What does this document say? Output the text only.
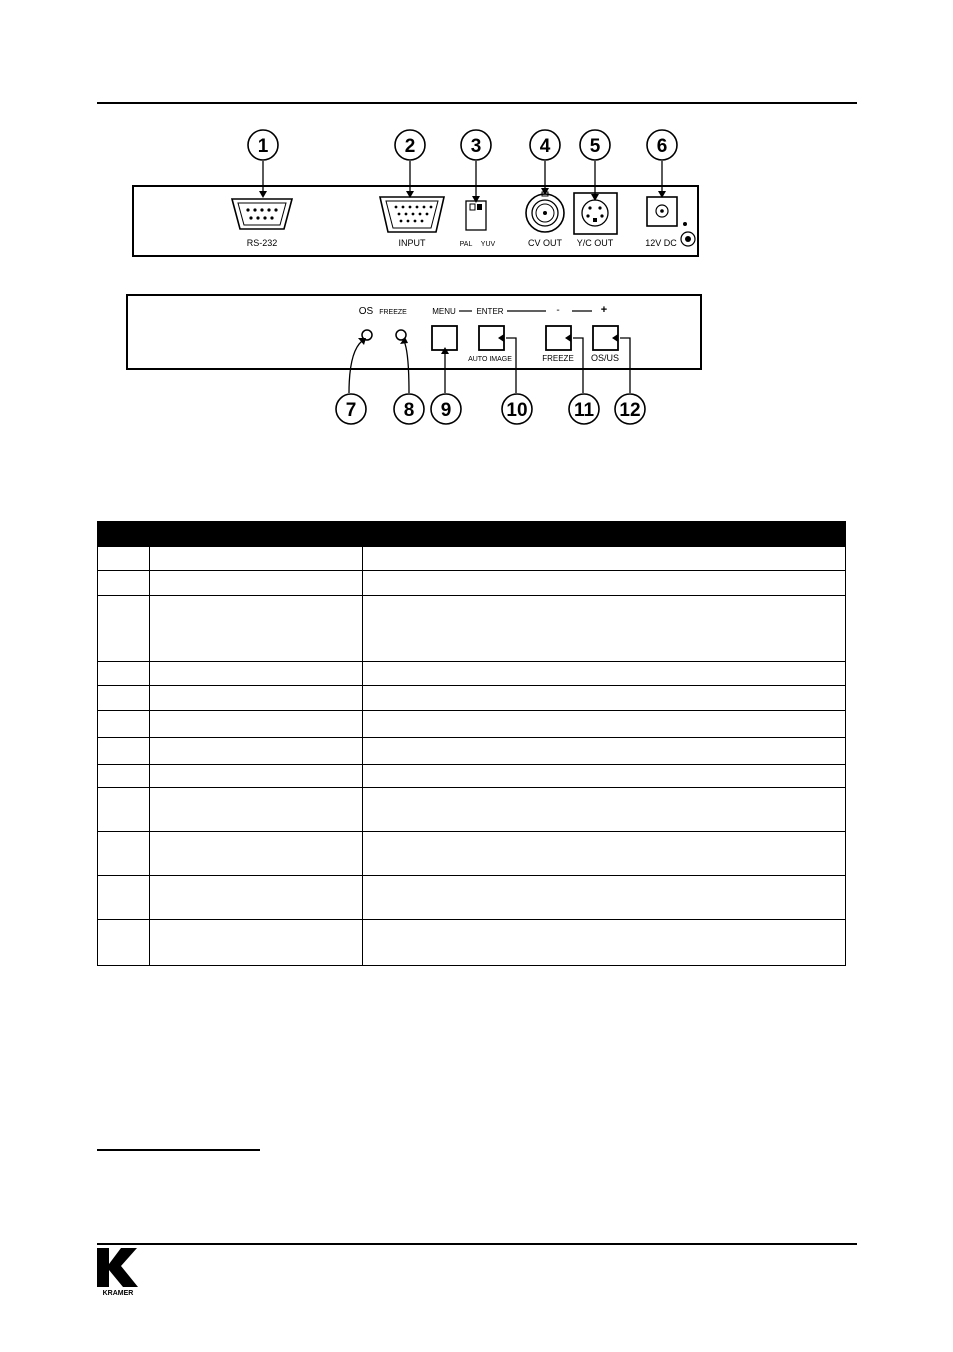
RS-232	INPUT	PAL YUV	CV OUT Y/C OUT	12V DC
1	2	3	4 5	6
OS FREEZE	MENU	ENTER	-	+
AUTO IMAGE	FREEZE OS/US
7 8 9	10 11 12

KRAMER
